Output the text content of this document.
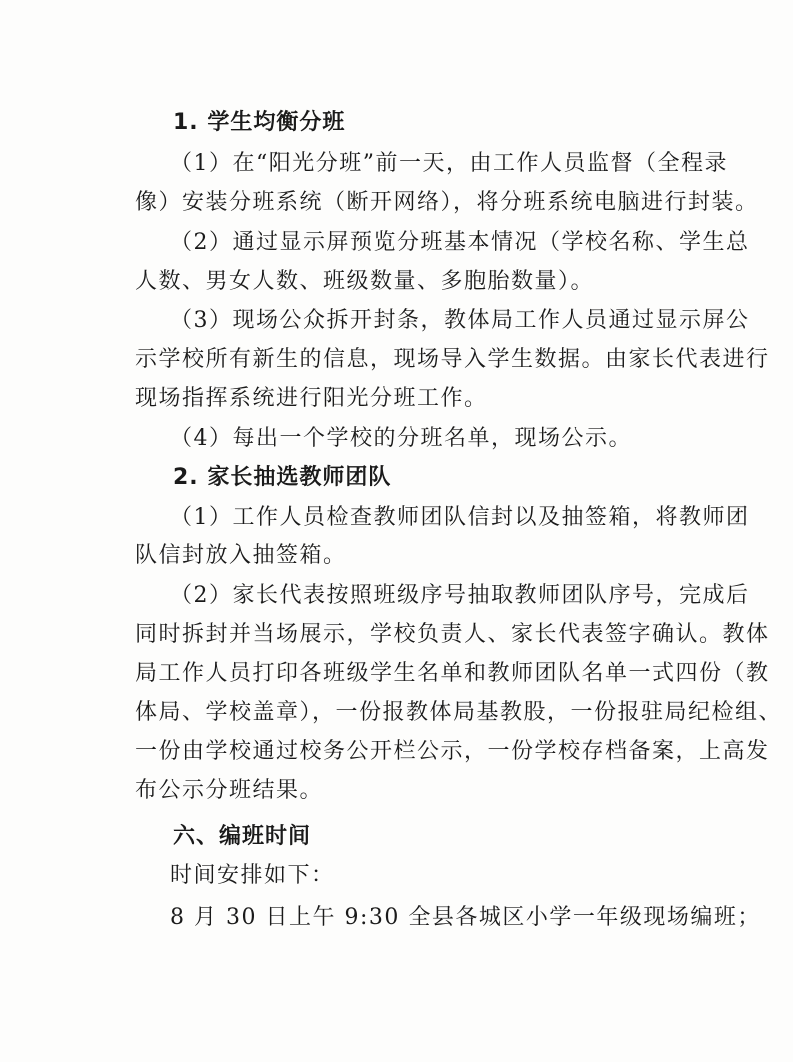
1. 学生均衡分班
（1）在“阳光分班”前一天，由工作人员监督（全程录
像）安装分班系统（断开网络），将分班系统电脑进行封装。
（2）通过显示屏预览分班基本情况（学校名称、学生总
人数、男女人数、班级数量、多胞胎数量）。
（3）现场公众拆开封条，教体局工作人员通过显示屏公
示学校所有新生的信息，现场导入学生数据。由家长代表进行
现场指挥系统进行阳光分班工作。
（4）每出一个学校的分班名单，现场公示。
2. 家长抽选教师团队
（1）工作人员检查教师团队信封以及抽签箱，将教师团
队信封放入抽签箱。
（2）家长代表按照班级序号抽取教师团队序号，完成后
同时拆封并当场展示，学校负责人、家长代表签字确认。教体
局工作人员打印各班级学生名单和教师团队名单一式四份（教
体局、学校盖章），一份报教体局基教股，一份报驻局纪检组、
一份由学校通过校务公开栏公示，一份学校存档备案，上高发
布公示分班结果。
六、编班时间
时间安排如下：
8 月 30 日上午 9:30 全县各城区小学一年级现场编班；
